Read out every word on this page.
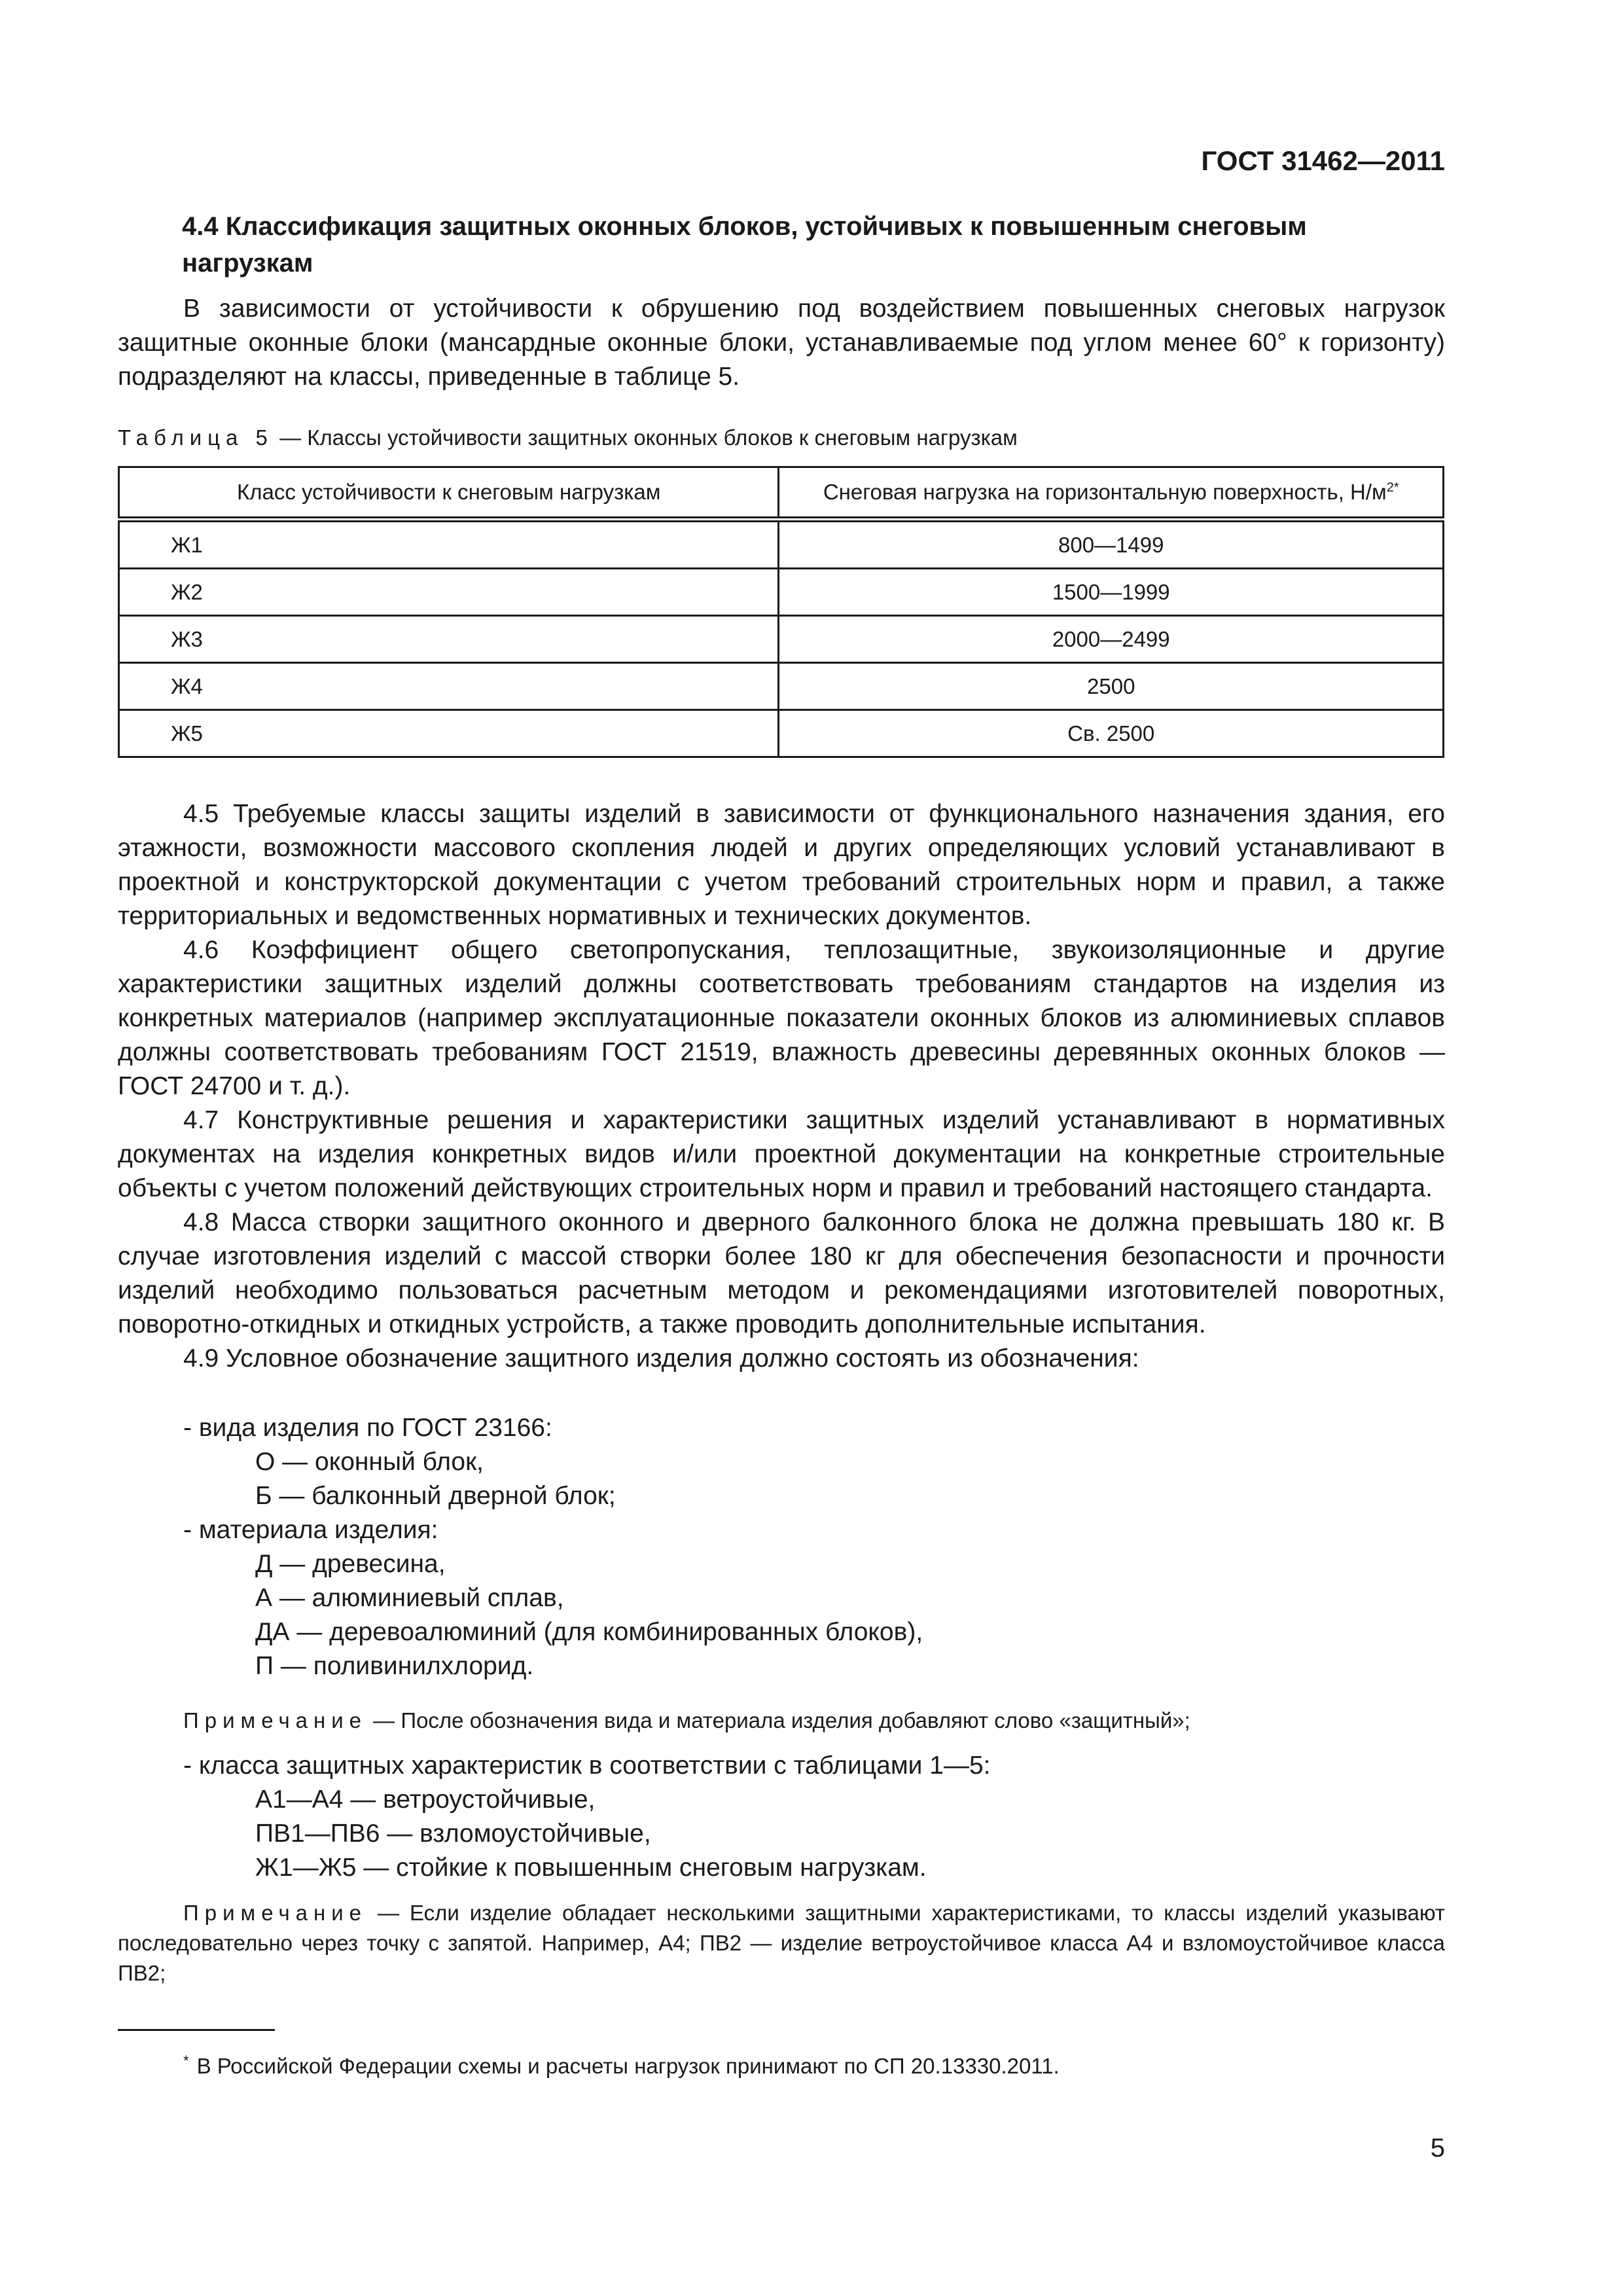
ГОСТ 31462—2011
4.4 Классификация защитных оконных блоков, устойчивых к повышенным снеговым нагрузкам

В зависимости от устойчивости к обрушению под воздействием повышенных снеговых нагрузок защитные оконные блоки (мансардные оконные блоки, устанавливаемые под углом менее 60° к горизонту) подразделяют на классы, приведенные в таблице 5.

Таблица 5 — Классы устойчивости защитных оконных блоков к снеговым нагрузкам
Класс устойчивости к снеговым нагрузкам	Снеговая нагрузка на горизонтальную поверхность, $Н/м^{2*}$
Ж1	800—1499
Ж2	1500—1999
Ж3	2000—2499
Ж4	2500
Ж5	Св. 2500

4.5 Требуемые классы защиты изделий в зависимости от функционального назначения здания, его этажности, возможности массового скопления людей и других определяющих условий устанавливают в проектной и конструкторской документации с учетом требований строительных норм и правил, а также территориальных и ведомственных нормативных и технических документов.

4.6 Коэффициент общего светопропускания, теплозащитные, звукоизоляционные и другие характеристики защитных изделий должны соответствовать требованиям стандартов на изделия из конкретных материалов (например эксплуатационные показатели оконных блоков из алюминиевых сплавов должны соответствовать требованиям ГОСТ 21519, влажность древесины деревянных оконных блоков — ГОСТ 24700 и т. д.).

4.7 Конструктивные решения и характеристики защитных изделий устанавливают в нормативных документах на изделия конкретных видов и/или проектной документации на конкретные строительные объекты с учетом положений действующих строительных норм и правил и требований настоящего стандарта.

4.8 Масса створки защитного оконного и дверного балконного блока не должна превышать 180 кг. В случае изготовления изделий с массой створки более 180 кг для обеспечения безопасности и прочности изделий необходимо пользоваться расчетным методом и рекомендациями изготовителей поворотных, поворотно-откидных и откидных устройств, а также проводить дополнительные испытания.

4.9 Условное обозначение защитного изделия должно состоять из обозначения:

- вида изделия по ГОСТ 23166:

О — оконный блок,

Б — балконный дверной блок;

- материала изделия:

Д — древесина,

А — алюминиевый сплав,

ДА — деревоалюминий (для комбинированных блоков),

П — поливинилхлорид.

Примечание — После обозначения вида и материала изделия добавляют слово «защитный»;

- класса защитных характеристик в соответствии с таблицами 1—5:

А1—А4 — ветроустойчивые,

ПВ1—ПВ6 — взломоустойчивые,

Ж1—Ж5 — стойкие к повышенным снеговым нагрузкам.

Примечание — Если изделие обладает несколькими защитными характеристиками, то классы изделий указывают последовательно через точку с запятой. Например, А4; ПВ2 — изделие ветроустойчивое класса А4 и взломоустойчивое класса ПВ2;

* В Российской Федерации схемы и расчеты нагрузок принимают по СП 20.13330.2011.
5
